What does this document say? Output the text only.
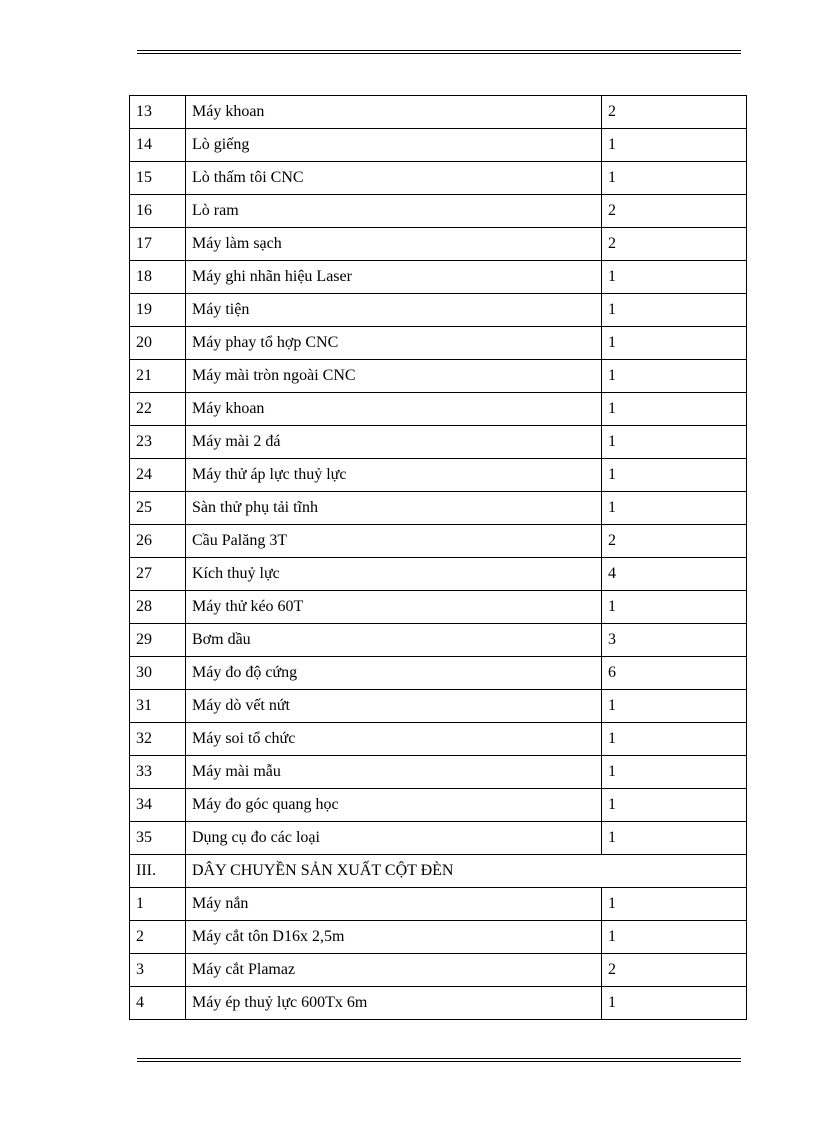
13	Máy khoan	2
14	Lò giếng	1
15	Lò thấm tôi CNC	1
16	Lò ram	2
17	Máy làm sạch	2
18	Máy ghi nhãn hiệu Laser	1
19	Máy tiện	1
20	Máy phay tổ hợp CNC	1
21	Máy mài tròn ngoài CNC	1
22	Máy khoan	1
23	Máy mài 2 đá	1
24	Máy thử áp lực thuỷ lực	1
25	Sàn thử phụ tải tĩnh	1
26	Cầu Palăng 3T	2
27	Kích thuỷ lực	4
28	Máy thử kéo 60T	1
29	Bơm dầu	3
30	Máy đo độ cứng	6
31	Máy dò vết nứt	1
32	Máy soi tổ chức	1
33	Máy mài mẫu	1
34	Máy đo góc quang học	1
35	Dụng cụ đo các loại	1
III.	DÂY CHUYỀN SẢN XUẤT CỘT ĐÈN	
1	Máy nắn	1
2	Máy cắt tôn D16x 2,5m	1
3	Máy cắt Plamaz	2
4	Máy ép thuỷ lực 600Tx 6m	1
